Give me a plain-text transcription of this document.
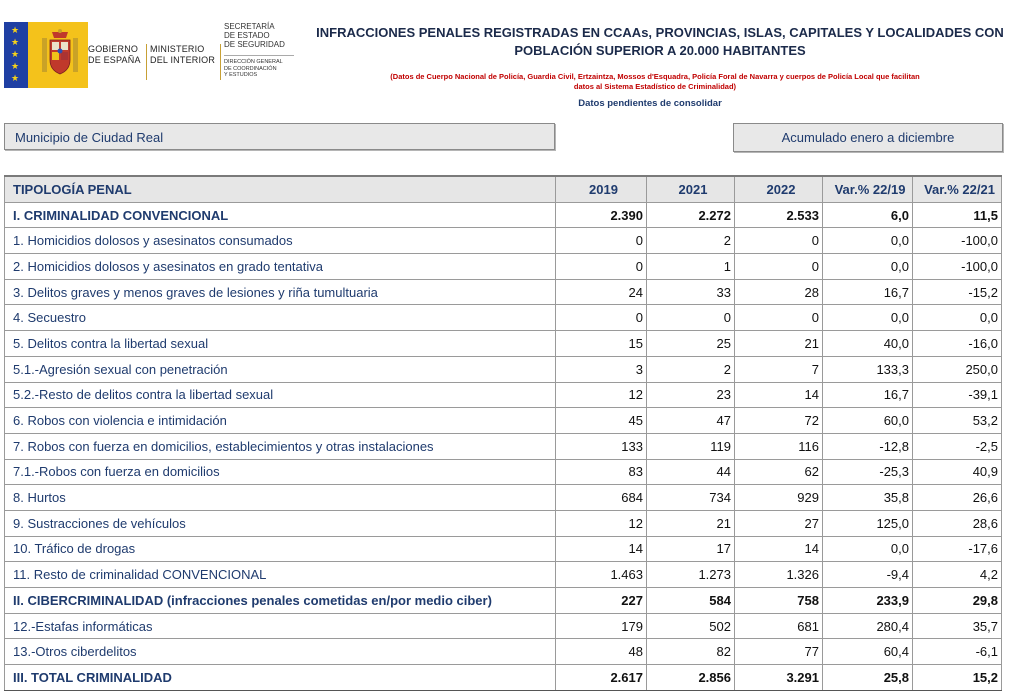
★
★
★
★
★
GOBIERNO
DE ESPAÑA
MINISTERIO
DEL INTERIOR
SECRETARÍA
DE ESTADO
DE SEGURIDAD
DIRECCIÓN GENERAL
DE COORDINACIÓN
Y ESTUDIOS
INFRACCIONES PENALES REGISTRADAS EN CCAAs, PROVINCIAS, ISLAS, CAPITALES Y LOCALIDADES CON
POBLACIÓN SUPERIOR A 20.000 HABITANTES
(Datos de Cuerpo Nacional de Policía, Guardia Civil, Ertzaintza, Mossos d'Esquadra, Policía Foral de Navarra y cuerpos de Policía Local que facilitan
datos al Sistema Estadístico de Criminalidad)
Datos pendientes de consolidar
Municipio de Ciudad Real	Acumulado enero a diciembre
TIPOLOGÍA PENAL	2019	2021	2022	Var.% 22/19	Var.% 22/21
I. CRIMINALIDAD CONVENCIONAL	2.390	2.272	2.533	6,0	11,5
1. Homicidios dolosos y asesinatos consumados	0	2	0	0,0	-100,0
2. Homicidios dolosos y asesinatos en grado tentativa	0	1	0	0,0	-100,0
3. Delitos graves y menos graves de lesiones y riña tumultuaria	24	33	28	16,7	-15,2
4. Secuestro	0	0	0	0,0	0,0
5. Delitos contra la libertad sexual	15	25	21	40,0	-16,0
5.1.-Agresión sexual con penetración	3	2	7	133,3	250,0
5.2.-Resto de delitos contra la libertad sexual	12	23	14	16,7	-39,1
6. Robos con violencia e intimidación	45	47	72	60,0	53,2
7. Robos con fuerza en domicilios, establecimientos y otras instalaciones	133	119	116	-12,8	-2,5
7.1.-Robos con fuerza en domicilios	83	44	62	-25,3	40,9
8. Hurtos	684	734	929	35,8	26,6
9. Sustracciones de vehículos	12	21	27	125,0	28,6
10. Tráfico de drogas	14	17	14	0,0	-17,6
11. Resto de criminalidad CONVENCIONAL	1.463	1.273	1.326	-9,4	4,2
II. CIBERCRIMINALIDAD (infracciones penales cometidas en/por medio ciber)	227	584	758	233,9	29,8
12.-Estafas informáticas	179	502	681	280,4	35,7
13.-Otros ciberdelitos	48	82	77	60,4	-6,1
III. TOTAL CRIMINALIDAD	2.617	2.856	3.291	25,8	15,2
